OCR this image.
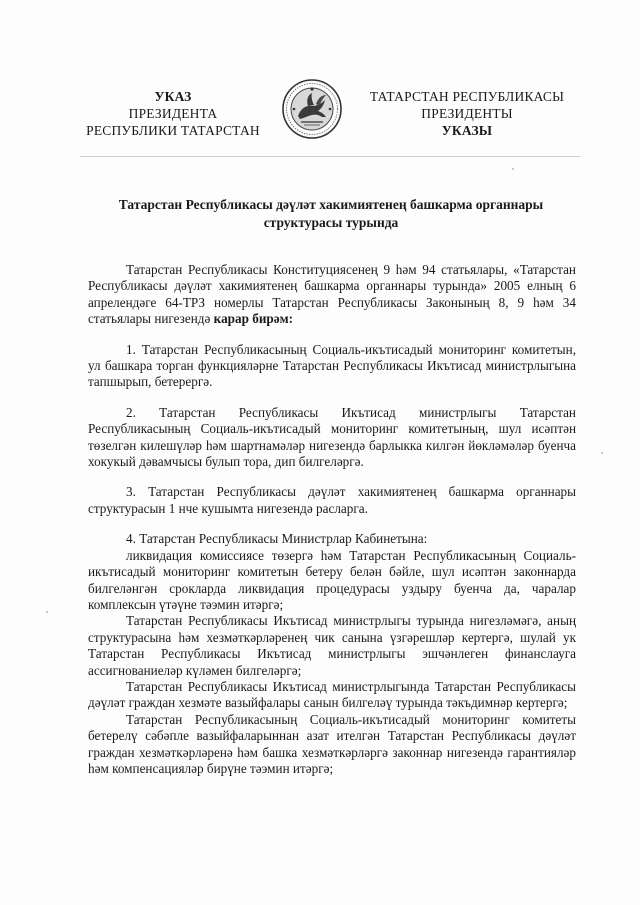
УКАЗ
ПРЕЗИДЕНТА
РЕСПУБЛИКИ ТАТАРСТАН
ТАТАРСТАН РЕСПУБЛИКАСЫ
ПРЕЗИДЕНТЫ
УКАЗЫ
Татарстан Республикасы дәүләт хакимиятенең башкарма органнары
структурасы турында

Татарстан Республикасы Конституциясенең 9 һәм 94 статьялары, «Татарстан Республикасы дәүләт хакимиятенең башкарма органнары турында» 2005 елның 6 апрелендәге 64-ТРЗ номерлы Татарстан Республикасы Законының 8, 9 һәм 34 статьялары нигезендә карар бирәм:

1. Татарстан Республикасының Социаль-икътисадый мониторинг комитетын, ул башкара торган функцияләрне Татарстан Республикасы Икътисад министрлыгына тапшырып, бетерергә.

2. Татарстан Республикасы Икътисад министрлыгы Татарстан Республикасының Социаль-икътисадый мониторинг комитетының, шул исәптән төзелгән килешүләр һәм шартнамәләр нигезендә барлыкка килгән йөкләмәләр буенча хокукый дәвамчысы булып тора, дип билгеләргә.

3. Татарстан Республикасы дәүләт хакимиятенең башкарма органнары структурасын 1 нче кушымта нигезендә расларга.

4. Татарстан Республикасы Министрлар Кабинетына:

ликвидация комиссиясе төзергә һәм Татарстан Республикасының Социаль-икътисадый мониторинг комитетын бетеру белән бәйле, шул исәптән законнарда билгеләнгән срокларда ликвидация процедурасы уздыру буенча да, чаралар комплексын үтәүне тәэмин итәргә;

Татарстан Республикасы Икътисад министрлыгы турында нигезләмәгә, аның структурасына һәм хезмәткәрләренең чик санына үзгәрешләр кертергә, шулай ук Татарстан Республикасы Икътисад министрлыгы эшчәнлеген финанслауга ассигнованиеләр күләмен билгеләргә;

Татарстан Республикасы Икътисад министрлыгында Татарстан Республикасы дәүләт граждан хезмәте вазыйфалары санын билгеләү турында тәкъдимнәр кертергә;

Татарстан Республикасының Социаль-икътисадый мониторинг комитеты бетерелү сәбәпле вазыйфаларыннан азат ителгән Татарстан Республикасы дәүләт граждан хезмәткәрләренә һәм башка хезмәткәрләргә законнар нигезендә гарантияләр һәм компенсацияләр бирүне тәэмин итәргә;
